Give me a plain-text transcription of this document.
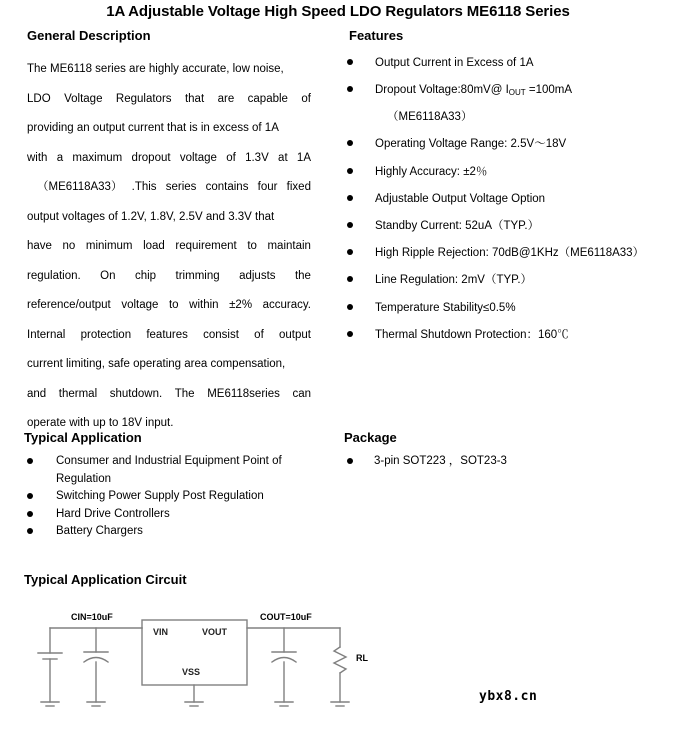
1A Adjustable Voltage High Speed LDO Regulators ME6118 Series
General Description
The ME6118 series are highly accurate, low noise,
LDO Voltage Regulators that are capable of
providing an output current that is in excess of 1A
with a maximum dropout voltage of 1.3V at 1A
（ME6118A33） .This series contains four fixed
output voltages of 1.2V, 1.8V, 2.5V and 3.3V that
have no minimum load requirement to maintain
regulation. On chip trimming adjusts the
reference/output voltage to within ±2% accuracy.
Internal protection features consist of output
current limiting, safe operating area compensation,
and thermal shutdown. The ME6118series can
operate with up to 18V input.
Features
Output Current in Excess of 1A
Dropout Voltage:80mV@ $I_{OUT} =100mA$
（ME6118A33）
Operating Voltage Range: 2.5V～18V
Highly Accuracy: ±2％
Adjustable Output Voltage Option
Standby Current: 52uA（TYP.）
High Ripple Rejection: 70dB@1KHz（ME6118A33）
Line Regulation: 2mV（TYP.）
Temperature Stability≤0.5%
Thermal Shutdown Protection：160℃
Typical Application
Consumer and Industrial Equipment Point of Regulation
Switching Power Supply Post Regulation
Hard Drive Controllers
Battery Chargers
Package
3-pin SOT223 ，SOT23-3
Typical Application Circuit
CIN=10uF	COUT=10uF
RL
VIN	VOUT
VSS
ybx8.cn
